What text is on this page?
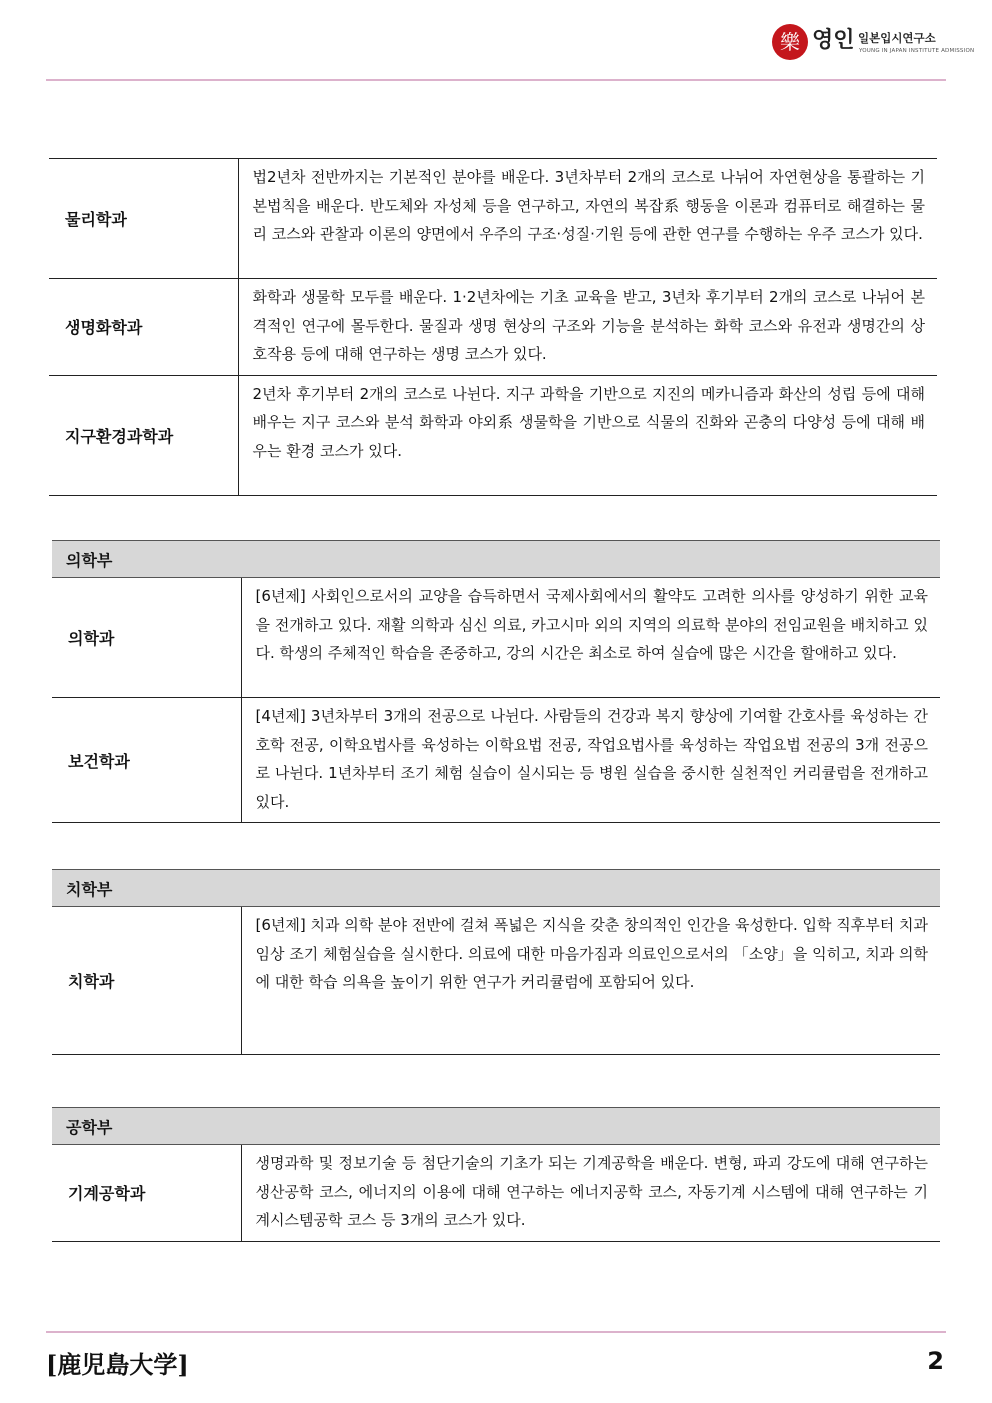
樂 영인 일본입시연구소
YOUNG IN JAPAN INSTITUTE ADMISSION
물리학과	법2년차 전반까지는 기본적인 분야를 배운다. 3년차부터 2개의 코스로 나뉘어 자연현상을 통괄하는 기본법칙을 배운다. 반도체와 자성체 등을 연구하고, 자연의 복잡系 행동을 이론과 컴퓨터로 해결하는 물리 코스와 관찰과 이론의 양면에서 우주의 구조·성질·기원 등에 관한 연구를 수행하는 우주 코스가 있다.
생명화학과	화학과 생물학 모두를 배운다. 1·2년차에는 기초 교육을 받고, 3년차 후기부터 2개의 코스로 나뉘어 본격적인 연구에 몰두한다. 물질과 생명 현상의 구조와 기능을 분석하는 화학 코스와 유전과 생명간의 상호작용 등에 대해 연구하는 생명 코스가 있다.
지구환경과학과	2년차 후기부터 2개의 코스로 나뉜다. 지구 과학을 기반으로 지진의 메카니즘과 화산의 성립 등에 대해 배우는 지구 코스와 분석 화학과 야외系 생물학을 기반으로 식물의 진화와 곤충의 다양성 등에 대해 배우는 환경 코스가 있다.
의학부	
의학과	[6년제] 사회인으로서의 교양을 습득하면서 국제사회에서의 활약도 고려한 의사를 양성하기 위한 교육을 전개하고 있다. 재활 의학과 심신 의료, 카고시마 외의 지역의 의료학 분야의 전임교원을 배치하고 있다. 학생의 주체적인 학습을 존중하고, 강의 시간은 최소로 하여 실습에 많은 시간을 할애하고 있다.
보건학과	[4년제] 3년차부터 3개의 전공으로 나뉜다. 사람들의 건강과 복지 향상에 기여할 간호사를 육성하는 간호학 전공, 이학요법사를 육성하는 이학요법 전공, 작업요법사를 육성하는 작업요법 전공의 3개 전공으로 나뉜다. 1년차부터 조기 체험 실습이 실시되는 등 병원 실습을 중시한 실천적인 커리큘럼을 전개하고 있다.
치학부
치학과	[6년제] 치과 의학 분야 전반에 걸쳐 폭넓은 지식을 갖춘 창의적인 인간을 육성한다. 입학 직후부터 치과 임상 조기 체험실습을 실시한다. 의료에 대한 마음가짐과 의료인으로서의 「소양」을 익히고, 치과 의학에 대한 학습 의욕을 높이기 위한 연구가 커리큘럼에 포함되어 있다.
공학부
기계공학과	생명과학 및 정보기술 등 첨단기술의 기초가 되는 기계공학을 배운다. 변형, 파괴 강도에 대해 연구하는 생산공학 코스, 에너지의 이용에 대해 연구하는 에너지공학 코스, 자동기계 시스템에 대해 연구하는 기계시스템공학 코스 등 3개의 코스가 있다.
[鹿児島大学]	2
